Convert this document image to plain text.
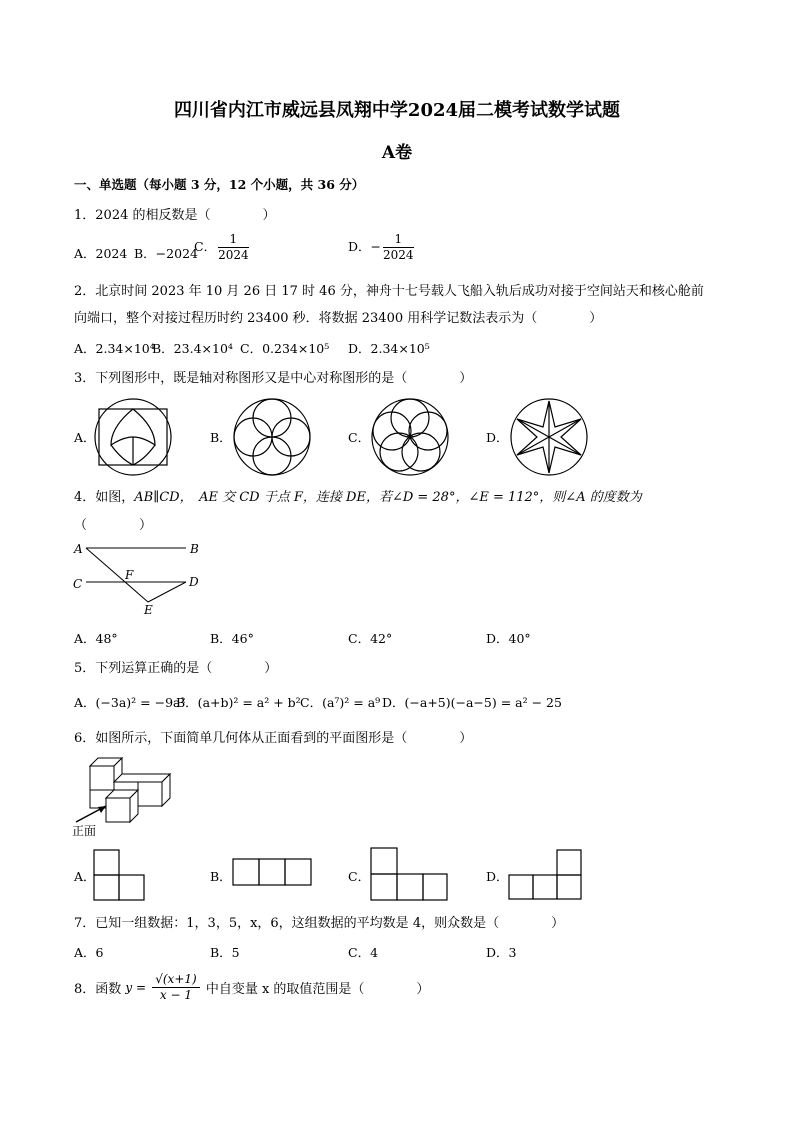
四川省内江市威远县凤翔中学2024届二模考试数学试题
A卷
一、单选题（每小题 3 分，12 个小题，共 36 分）
1．2024 的相反数是（　　　　）
A．2024 B．−2024
C． $\frac{1}{2024}$	D．− $\frac{1}{2024}$
2．北京时间 2023 年 10 月 26 日 17 时 46 分，神舟十七号载人飞船入轨后成功对接于空间站天和核心舱前
向端口，整个对接过程历时约 23400 秒．将数据 23400 用科学记数法表示为（　　　　）
A．2.34×10⁴
B．23.4×10⁴ C．0.234×10⁵ D．2.34×10⁵
3．下列图形中，既是轴对称图形又是中心对称图形的是（　　　　）
A．	B．	C．	D．
4．如图，AB∥CD，　AE 交 CD 于点 F，连接 DE，若∠D = 28°，∠E = 112°，则∠A 的度数为
（　　　　）
A	B
C
F	D
E
A．48°	B．46°	C．42°	D．40°
5．下列运算正确的是（　　　　）
A．(−3a)² = −9a²
B．(a+b)² = a² + b² C．(a⁷)² = a⁹ D．(−a+5)(−a−5) = a² − 25
6．如图所示，下面简单几何体从正面看到的平面图形是（　　　　）
正面
A．	B．	C．	D．
7．已知一组数据：1，3，5，x，6，这组数据的平均数是 4，则众数是（　　　　）
A．6	B．5	C．4	D．3
8．函数 $y = \frac{√(x+1)}{x - 1}$ 中自变量 x 的取值范围是（　　　　）
